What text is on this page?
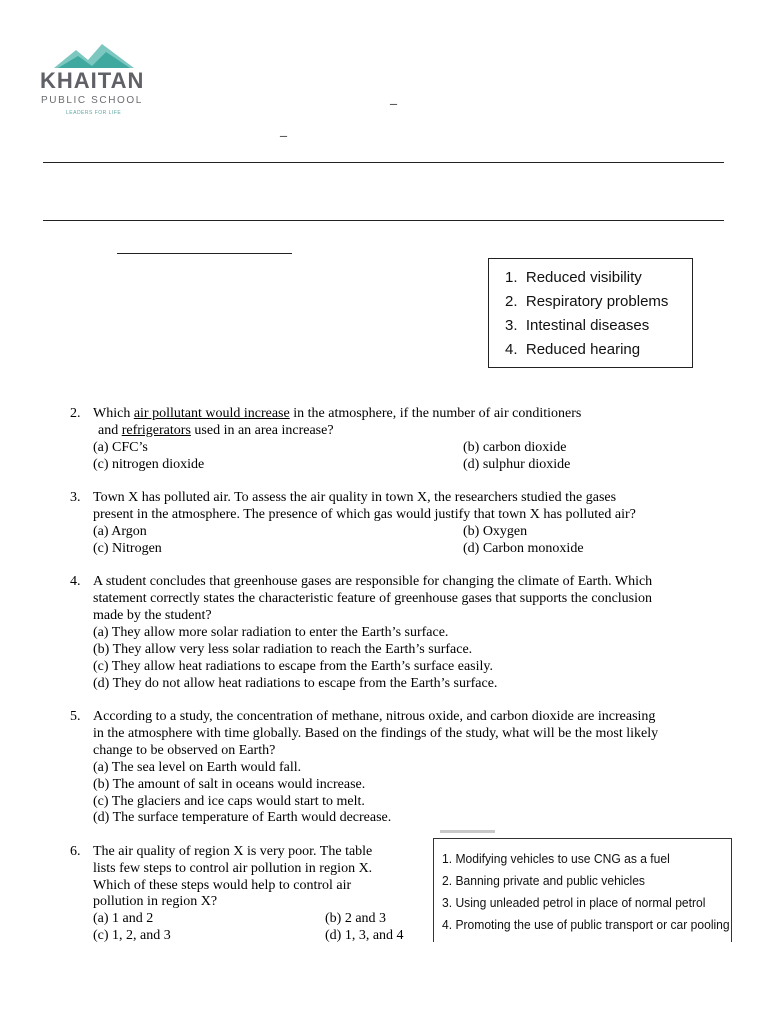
KHAITAN
PUBLIC SCHOOL
LEADERS FOR LIFE
_
_
1. Reduced visibility
2. Respiratory problems
3. Intestinal diseases
4. Reduced hearing
2. Which air pollutant would increase in the atmosphere, if the number of air conditioners
and refrigerators used in an area increase?
(a) CFC’s	(b) carbon dioxide
(c) nitrogen dioxide	(d) sulphur dioxide
3. Town X has polluted air. To assess the air quality in town X, the researchers studied the gases
present in the atmosphere. The presence of which gas would justify that town X has polluted air?
(a) Argon	(b) Oxygen
(c) Nitrogen	(d) Carbon monoxide
4. A student concludes that greenhouse gases are responsible for changing the climate of Earth. Which
statement correctly states the characteristic feature of greenhouse gases that supports the conclusion
made by the student?
(a) They allow more solar radiation to enter the Earth’s surface.
(b) They allow very less solar radiation to reach the Earth’s surface.
(c) They allow heat radiations to escape from the Earth’s surface easily.
(d) They do not allow heat radiations to escape from the Earth’s surface.
5. According to a study, the concentration of methane, nitrous oxide, and carbon dioxide are increasing
in the atmosphere with time globally. Based on the findings of the study, what will be the most likely
change to be observed on Earth?
(a) The sea level on Earth would fall.
(b) The amount of salt in oceans would increase.
(c) The glaciers and ice caps would start to melt.
(d) The surface temperature of Earth would decrease.
6. The air quality of region X is very poor. The table
lists few steps to control air pollution in region X.
Which of these steps would help to control air
pollution in region X?
(a) 1 and 2	(b) 2 and 3
(c) 1, 2, and 3	(d) 1, 3, and 4
1. Modifying vehicles to use CNG as a fuel
2. Banning private and public vehicles
3. Using unleaded petrol in place of normal petrol
4. Promoting the use of public transport or car pooling
